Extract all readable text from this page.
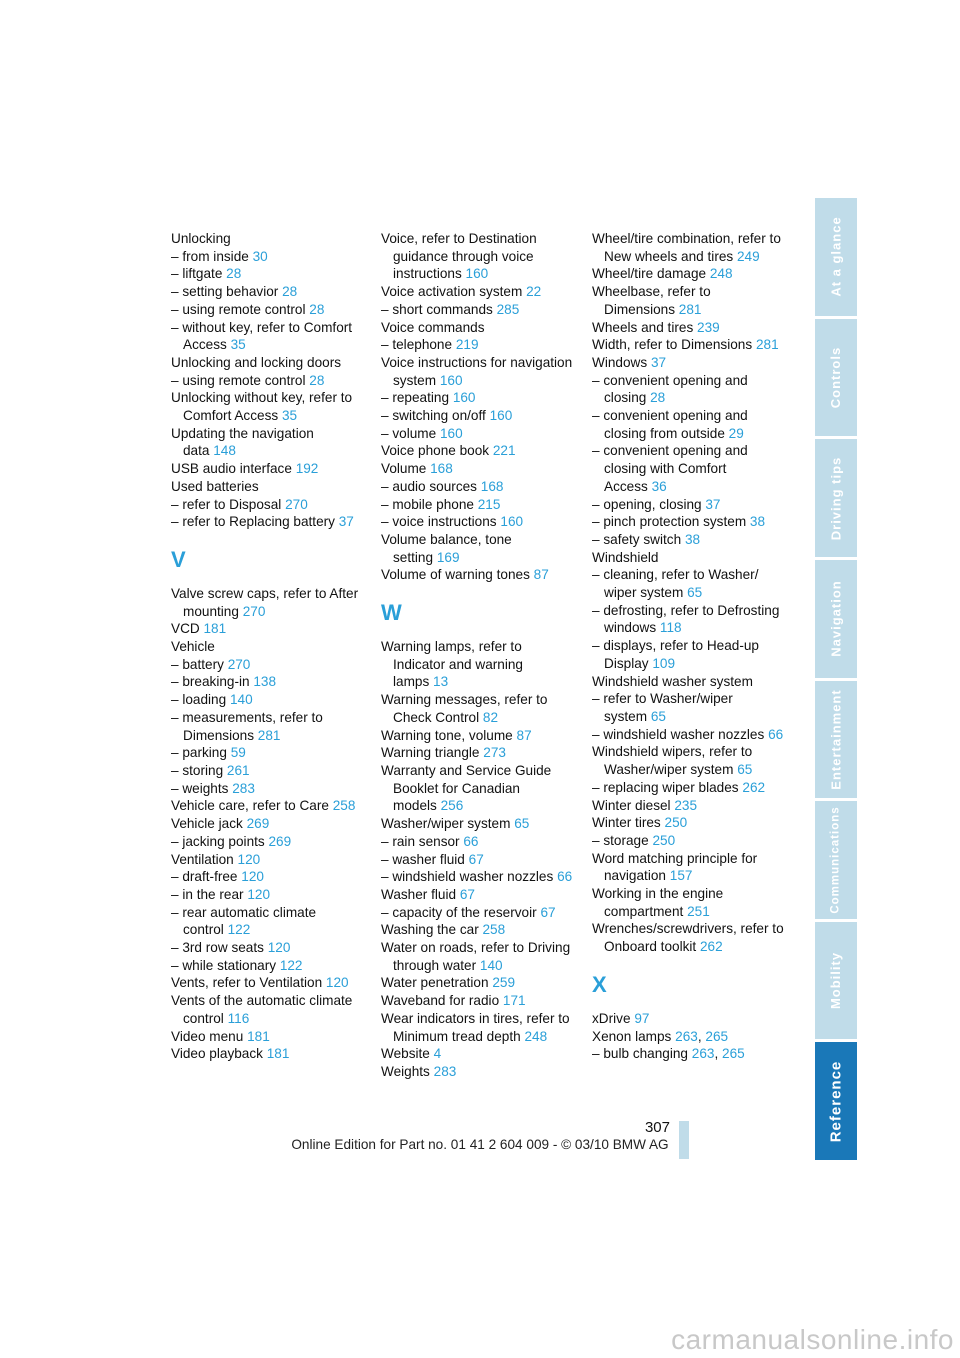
Unlocking
– from inside 30
– liftgate 28
– setting behavior 28
– using remote control 28
– without key, refer to Comfort Access 35
Unlocking and locking doors
– using remote control 28
Unlocking without key, refer to Comfort Access 35
Updating the navigation data 148
USB audio interface 192
Used batteries
– refer to Disposal 270
– refer to Replacing battery 37
V
Valve screw caps, refer to After mounting 270
VCD 181
Vehicle
– battery 270
– breaking-in 138
– loading 140
– measurements, refer to Dimensions 281
– parking 59
– storing 261
– weights 283
Vehicle care, refer to Care 258
Vehicle jack 269
– jacking points 269
Ventilation 120
– draft-free 120
– in the rear 120
– rear automatic climate control 122
– 3rd row seats 120
– while stationary 122
Vents, refer to Ventilation 120
Vents of the automatic climate control 116
Video menu 181
Video playback 181
Voice, refer to Destination guidance through voice instructions 160
Voice activation system 22
– short commands 285
Voice commands
– telephone 219
Voice instructions for navigation system 160
– repeating 160
– switching on/off 160
– volume 160
Voice phone book 221
Volume 168
– audio sources 168
– mobile phone 215
– voice instructions 160
Volume balance, tone setting 169
Volume of warning tones 87
W
Warning lamps, refer to Indicator and warning lamps 13
Warning messages, refer to Check Control 82
Warning tone, volume 87
Warning triangle 273
Warranty and Service Guide Booklet for Canadian models 256
Washer/wiper system 65
– rain sensor 66
– washer fluid 67
– windshield washer nozzles 66
Washer fluid 67
– capacity of the reservoir 67
Washing the car 258
Water on roads, refer to Driving through water 140
Water penetration 259
Waveband for radio 171
Wear indicators in tires, refer to Minimum tread depth 248
Website 4
Weights 283
Wheel/tire combination, refer to New wheels and tires 249
Wheel/tire damage 248
Wheelbase, refer to Dimensions 281
Wheels and tires 239
Width, refer to Dimensions 281
Windows 37
– convenient opening and closing 28
– convenient opening and closing from outside 29
– convenient opening and closing with Comfort Access 36
– opening, closing 37
– pinch protection system 38
– safety switch 38
Windshield
– cleaning, refer to Washer/ wiper system 65
– defrosting, refer to Defrosting windows 118
– displays, refer to Head-up Display 109
Windshield washer system
– refer to Washer/wiper system 65
– windshield washer nozzles 66
Windshield wipers, refer to Washer/wiper system 65
– replacing wiper blades 262
Winter diesel 235
Winter tires 250
– storage 250
Word matching principle for navigation 157
Working in the engine compartment 251
Wrenches/screwdrivers, refer to Onboard toolkit 262
X
xDrive 97
Xenon lamps 263, 265
– bulb changing 263, 265
At a glance
Controls
Driving tips
Navigation
Entertainment
Communications
Mobility
Reference
307
Online Edition for Part no. 01 41 2 604 009 - © 03/10 BMW AG
carmanualsonline.info
